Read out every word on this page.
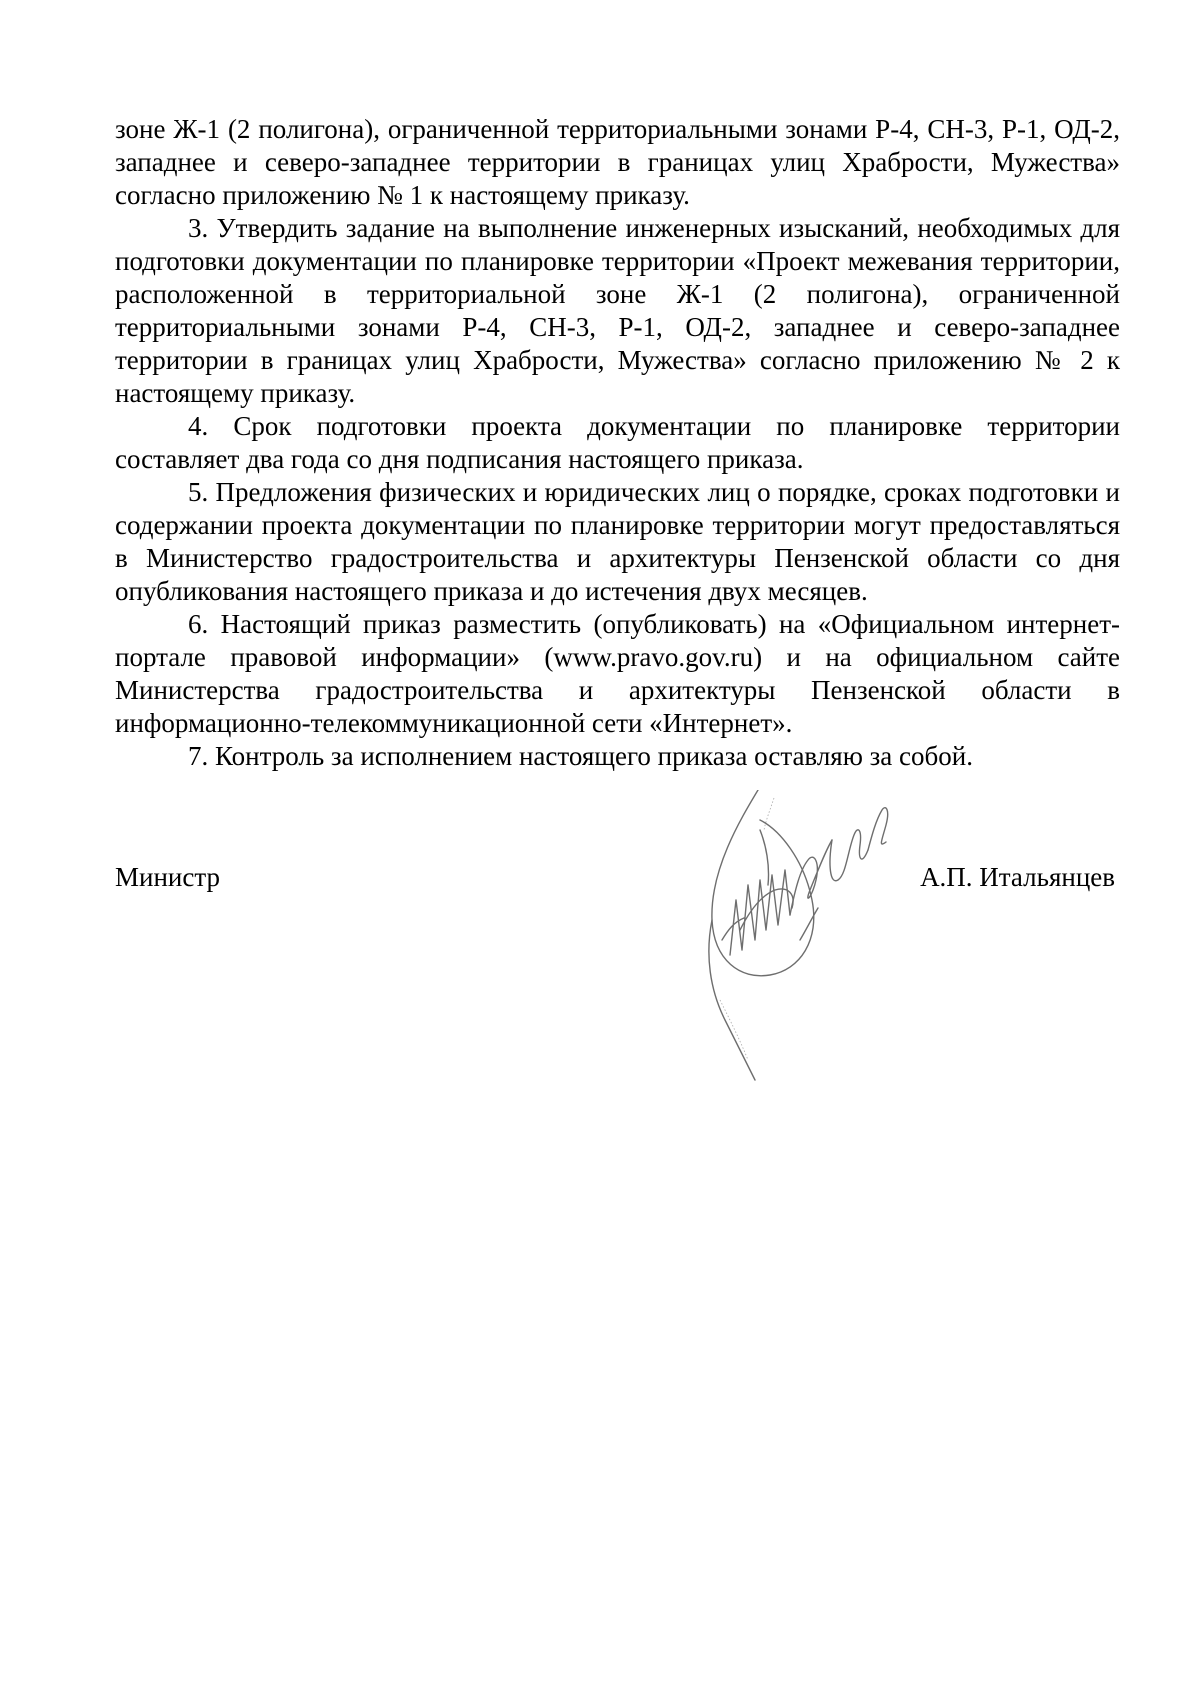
зоне Ж-1 (2 полигона), ограниченной территориальными зонами Р-4, СН-3, Р-1, ОД-2, западнее и северо-западнее территории в границах улиц Храбрости, Мужества» согласно приложению № 1 к настоящему приказу.

3. Утвердить задание на выполнение инженерных изысканий, необходимых для подготовки документации по планировке территории «Проект межевания территории, расположенной в территориальной зоне Ж-1 (2 полигона), ограниченной территориальными зонами Р-4, СН-3, Р-1, ОД-2, западнее и северо-западнее территории в границах улиц Храбрости, Мужества» согласно приложению № 2 к настоящему приказу.

4. Срок подготовки проекта документации по планировке территории составляет два года со дня подписания настоящего приказа.

5. Предложения физических и юридических лиц о порядке, сроках подготовки и содержании проекта документации по планировке территории могут предоставляться в Министерство градостроительства и архитектуры Пензенской области со дня опубликования настоящего приказа и до истечения двух месяцев.

6. Настоящий приказ разместить (опубликовать) на «Официальном интернет-портале правовой информации» (www.pravo.gov.ru) и на официальном сайте Министерства градостроительства и архитектуры Пензенской области в информационно-телекоммуникационной сети «Интернет».

7. Контроль за исполнением настоящего приказа оставляю за собой.

Министр	А.П. Итальянцев
